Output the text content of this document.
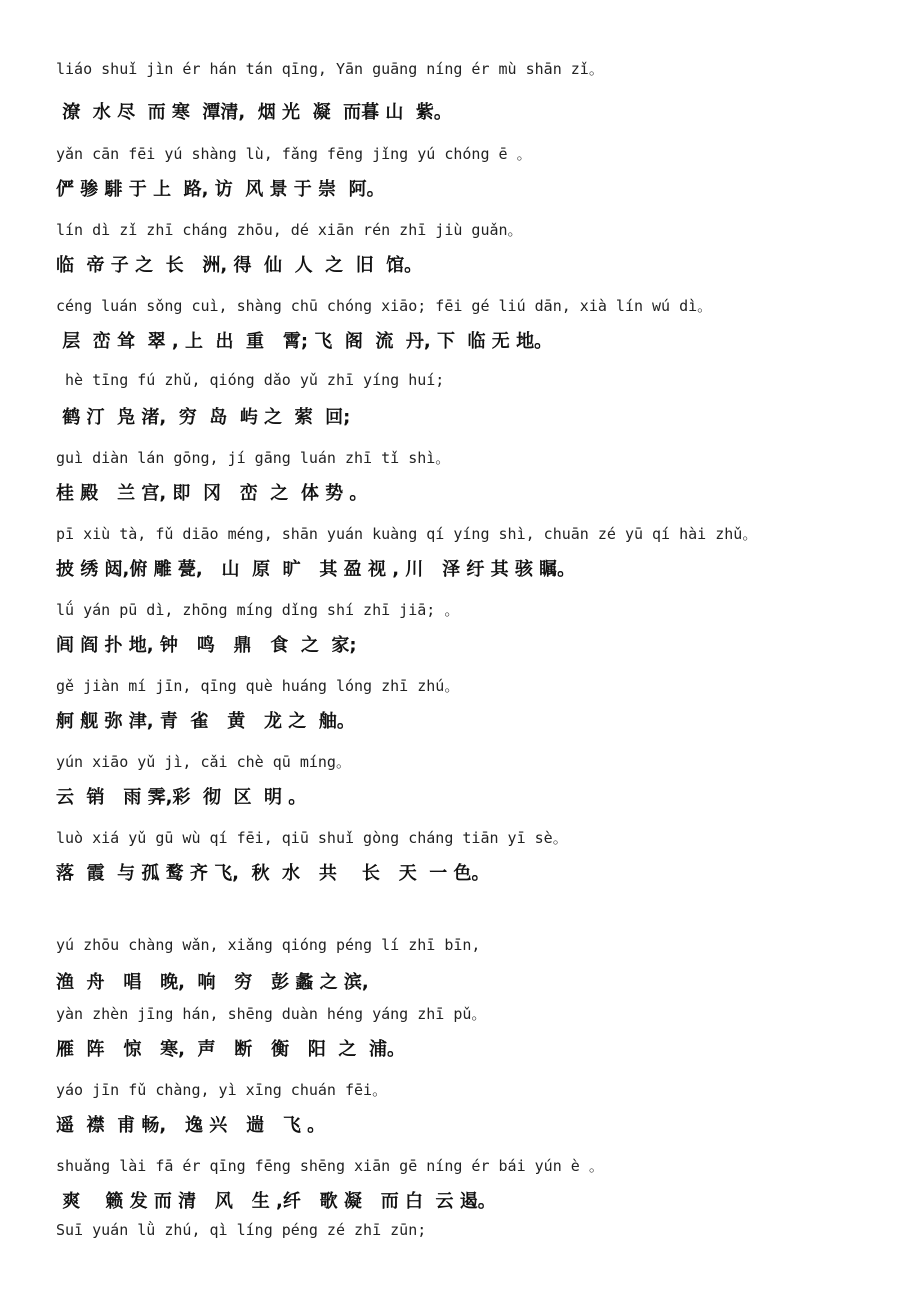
liáo shuǐ jìn ér hán tán qīng, Yān guāng níng ér mù shān zǐ。
潦  水 尽  而 寒  潭清,  烟 光  凝  而暮 山  紫。
yǎn cān fēi yú shàng lù, fǎng fēng jǐng yú chóng ē 。
俨 骖 騑 于 上  路, 访  风 景 于 崇  阿。
lín dì zǐ zhī cháng zhōu, dé xiān rén zhī jiù guǎn。
临  帝 子 之  长   洲, 得  仙  人  之  旧  馆。
céng luán sǒng cuì, shàng chū chóng xiāo; fēi gé liú dān, xià lín wú dì。
层  峦 耸  翠 , 上  出  重   霄; 飞  阁  流  丹, 下  临 无 地。
hè tīng fú zhǔ, qióng dǎo yǔ zhī yíng huí;
鹤 汀  凫 渚,  穷  岛  屿 之  萦  回;
guì diàn lán gōng, jí gāng luán zhī tǐ shì。
桂 殿   兰 宫, 即  冈   峦  之  体 势 。
pī xiù tà, fǔ diāo méng, shān yuán kuàng qí yíng shì, chuān zé yū qí hài zhǔ。
披 绣 闼,俯 雕 甍,   山  原  旷   其 盈 视 , 川   泽 纡 其 骇 瞩。
lǘ yán pū dì, zhōng míng dǐng shí zhī jiā; 。
闾 阎 扑 地, 钟   鸣   鼎   食  之  家;
gě jiàn mí jīn, qīng què huáng lóng zhī zhú。
舸 舰 弥 津, 青  雀   黄   龙 之  舳。
yún xiāo yǔ jì, cǎi chè qū míng。
云  销   雨 霁,彩  彻  区  明 。
luò xiá yǔ gū wù qí fēi, qiū shuǐ gòng cháng tiān yī sè。
落  霞  与 孤 鹜 齐 飞,  秋  水   共    长   天  一 色。
yú zhōu chàng wǎn, xiǎng qióng péng lí zhī bīn,
渔  舟   唱   晚,  响   穷   彭 蠡 之 滨,
yàn zhèn jīng hán, shēng duàn héng yáng zhī pǔ。
雁  阵   惊   寒,  声   断   衡   阳  之  浦。
yáo jīn fǔ chàng, yì xīng chuán fēi。
遥  襟  甫 畅,   逸 兴   遄   飞 。
shuǎng lài fā ér qīng fēng shēng xiān gē níng ér bái yún è 。
爽    籁 发 而 清   风   生 ,纤   歌 凝   而 白  云 遏。
Suī yuán lǜ zhú, qì líng péng zé zhī zūn;
